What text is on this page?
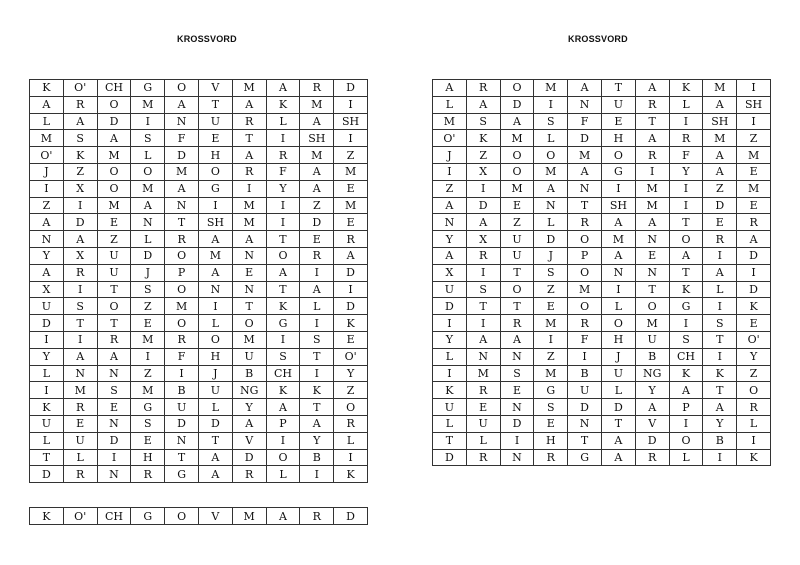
KROSSVORD	KROSSVORD
K	O'	CH	G	O	V	M	A	R	D
A	R	O	M	A	T	A	K	M	I
L	A	D	I	N	U	R	L	A	SH
M	S	A	S	F	E	T	I	SH	I
O'	K	M	L	D	H	A	R	M	Z
J	Z	O	O	M	O	R	F	A	M
I	X	O	M	A	G	I	Y	A	E
Z	I	M	A	N	I	M	I	Z	M
A	D	E	N	T	SH	M	I	D	E
N	A	Z	L	R	A	A	T	E	R
Y	X	U	D	O	M	N	O	R	A
A	R	U	J	P	A	E	A	I	D
X	I	T	S	O	N	N	T	A	I
U	S	O	Z	M	I	T	K	L	D
D	T	T	E	O	L	O	G	I	K
I	I	R	M	R	O	M	I	S	E
Y	A	A	I	F	H	U	S	T	O'
L	N	N	Z	I	J	B	CH	I	Y
I	M	S	M	B	U	NG	K	K	Z
K	R	E	G	U	L	Y	A	T	O
U	E	N	S	D	D	A	P	A	R
L	U	D	E	N	T	V	I	Y	L
T	L	I	H	T	A	D	O	B	I
D	R	N	R	G	A	R	L	I	K
A	R	O	M	A	T	A	K	M	I
L	A	D	I	N	U	R	L	A	SH
M	S	A	S	F	E	T	I	SH	I
O'	K	M	L	D	H	A	R	M	Z
J	Z	O	O	M	O	R	F	A	M
I	X	O	M	A	G	I	Y	A	E
Z	I	M	A	N	I	M	I	Z	M
A	D	E	N	T	SH	M	I	D	E
N	A	Z	L	R	A	A	T	E	R
Y	X	U	D	O	M	N	O	R	A
A	R	U	J	P	A	E	A	I	D
X	I	T	S	O	N	N	T	A	I
U	S	O	Z	M	I	T	K	L	D
D	T	T	E	O	L	O	G	I	K
I	I	R	M	R	O	M	I	S	E
Y	A	A	I	F	H	U	S	T	O'
L	N	N	Z	I	J	B	CH	I	Y
I	M	S	M	B	U	NG	K	K	Z
K	R	E	G	U	L	Y	A	T	O
U	E	N	S	D	D	A	P	A	R
L	U	D	E	N	T	V	I	Y	L
T	L	I	H	T	A	D	O	B	I
D	R	N	R	G	A	R	L	I	K
K	O'	CH	G	O	V	M	A	R	D
